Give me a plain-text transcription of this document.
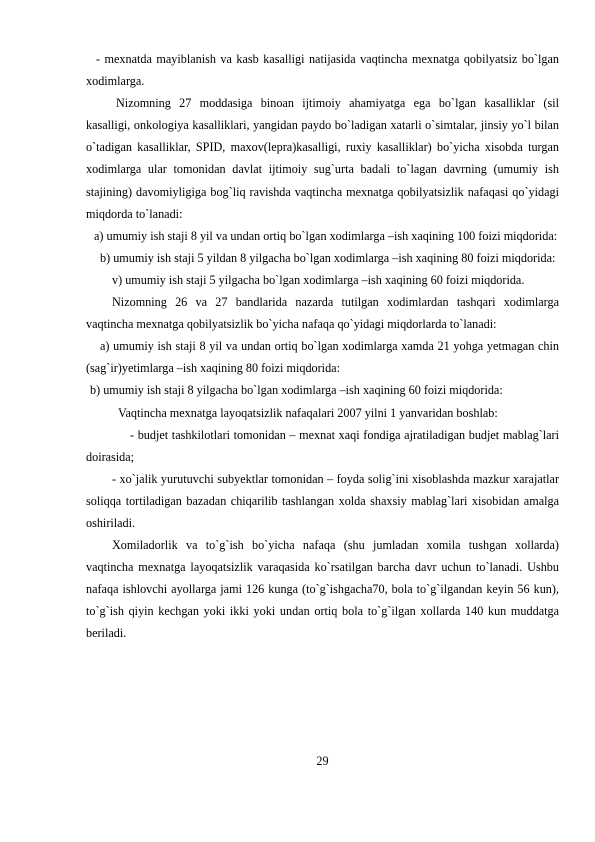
- mexnatda mayiblanish va kasb kasalligi natijasida vaqtincha mexnatga qobilyatsiz bo`lgan xodimlarga.

Nizomning 27 moddasiga binoan ijtimoiy ahamiyatga ega bo`lgan kasalliklar (sil kasalligi, onkologiya kasalliklari, yangidan paydo bo`ladigan xatarli o`simtalar, jinsiy yo`l bilan o`tadigan kasalliklar, SPID, maxov(lepra)kasalligi, ruxiy kasalliklar) bo`yicha xisobda turgan xodimlarga ular tomonidan davlat ijtimoiy sug`urta badali to`lagan davrning (umumiy ish stajining) davomiyligiga bog`liq ravishda vaqtincha mexnatga qobilyatsizlik nafaqasi qo`yidagi miqdorda to`lanadi:

a) umumiy ish staji 8 yil va undan ortiq bo`lgan xodimlarga –ish xaqining 100 foizi miqdorida:

b) umumiy ish staji 5 yildan 8 yilgacha bo`lgan xodimlarga –ish xaqining 80 foizi miqdorida:

v) umumiy ish staji 5 yilgacha bo`lgan xodimlarga –ish xaqining 60 foizi miqdorida.

Nizomning 26 va 27 bandlarida nazarda tutilgan xodimlardan tashqari xodimlarga vaqtincha mexnatga qobilyatsizlik bo`yicha nafaqa qo`yidagi miqdorlarda to`lanadi:

a) umumiy ish staji 8 yil va undan ortiq bo`lgan xodimlarga xamda 21 yohga yetmagan chin (sag`ir)yetimlarga –ish xaqining 80 foizi miqdorida:

b) umumiy ish staji 8 yilgacha bo`lgan xodimlarga –ish xaqining 60 foizi miqdorida:

Vaqtincha mexnatga layoqatsizlik nafaqalari 2007 yilni 1 yanvaridan boshlab:

- budjet tashkilotlari tomonidan – mexnat xaqi fondiga ajratiladigan budjet mablag`lari doirasida;

- xo`jalik yurutuvchi subyektlar tomonidan – foyda solig`ini xisoblashda mazkur xarajatlar soliqqa tortiladigan bazadan chiqarilib tashlangan xolda shaxsiy mablag`lari xisobidan amalga oshiriladi.

Xomiladorlik va to`g`ish bo`yicha nafaqa (shu jumladan xomila tushgan xollarda) vaqtincha mexnatga layoqatsizlik varaqasida ko`rsatilgan barcha davr uchun to`lanadi. Ushbu nafaqa ishlovchi ayollarga jami 126 kunga (to`g`ishgacha70, bola to`g`ilgandan keyin 56 kun), to`g`ish qiyin kechgan yoki ikki yoki undan ortiq bola to`g`ilgan xollarda 140 kun muddatga beriladi.

29
